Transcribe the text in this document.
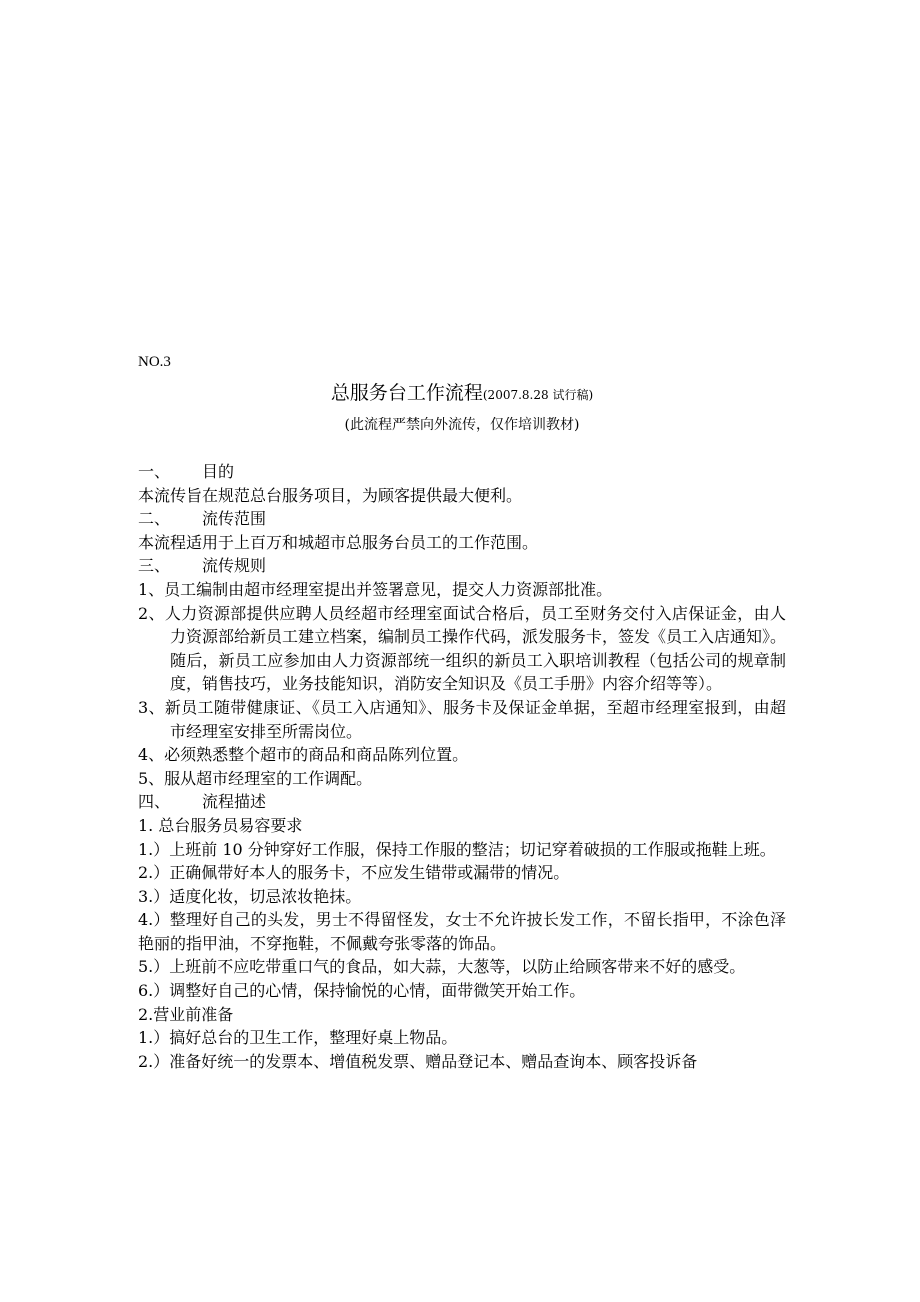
NO.3

总服务台工作流程(2007.8.28 试行稿)

(此流程严禁向外流传，仅作培训教材)

一、 目的

本流传旨在规范总台服务项目，为顾客提供最大便利。

二、 流传范围

本流程适用于上百万和城超市总服务台员工的工作范围。

三、 流传规则

1、员工编制由超市经理室提出并签署意见，提交人力资源部批准。

2、人力资源部提供应聘人员经超市经理室面试合格后，员工至财务交付入店保证金，由人力资源部给新员工建立档案，编制员工操作代码，派发服务卡，签发《员工入店通知》。随后，新员工应参加由人力资源部统一组织的新员工入职培训教程（包括公司的规章制度，销售技巧，业务技能知识，消防安全知识及《员工手册》内容介绍等等）。

3、新员工随带健康证、《员工入店通知》、服务卡及保证金单据，至超市经理室报到，由超市经理室安排至所需岗位。

4、必须熟悉整个超市的商品和商品陈列位置。

5、服从超市经理室的工作调配。

四、 流程描述

1. 总台服务员易容要求

1.）上班前 10 分钟穿好工作服，保持工作服的整洁；切记穿着破损的工作服或拖鞋上班。

2.）正确佩带好本人的服务卡，不应发生错带或漏带的情况。

3.）适度化妆，切忌浓妆艳抹。

4.）整理好自己的头发，男士不得留怪发，女士不允许披长发工作，不留长指甲，不涂色泽艳丽的指甲油，不穿拖鞋，不佩戴夸张零落的饰品。

5.）上班前不应吃带重口气的食品，如大蒜，大葱等，以防止给顾客带来不好的感受。

6.）调整好自己的心情，保持愉悦的心情，面带微笑开始工作。

2.营业前准备

1.）搞好总台的卫生工作，整理好桌上物品。

2.）准备好统一的发票本、增值税发票、赠品登记本、赠品查询本、顾客投诉备
